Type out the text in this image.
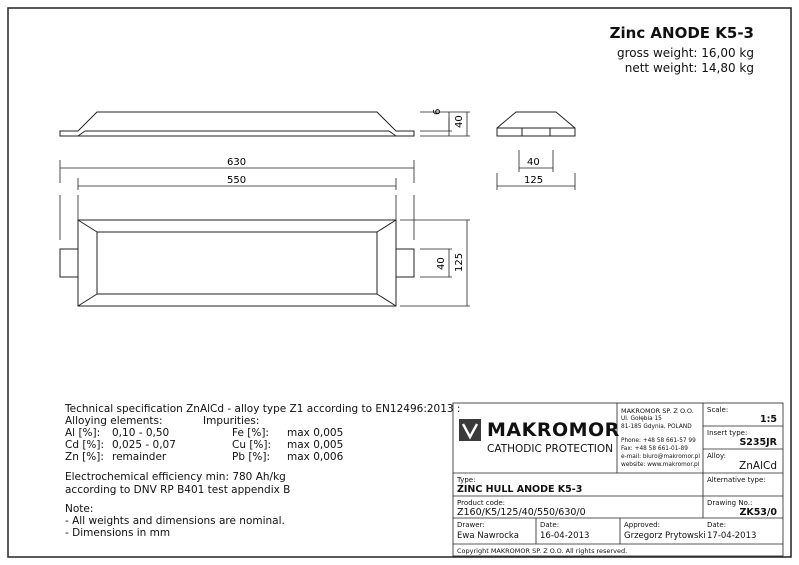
Zinc ANODE K5-3
gross weight: 16,00 kg
nett weight: 14,80 kg
6
40
40
125
630
550
40 125
Technical specification ZnAlCd - alloy type Z1 according to EN12496:2013 :
Alloying elements:	Impurities:
Al [%]: 0,10 - 0,50	Fe [%]: max 0,005
Cd [%]: 0,025 - 0,07	Cu [%]: max 0,005
Zn [%]: remainder	Pb [%]: max 0,006
Electrochemical efficiency min: 780 Ah/kg
according to DNV RP B401 test appendix B
Note:
- All weights and dimensions are nominal.
- Dimensions in mm
MAKROMOR
CATHODIC PROTECTION
MAKROMOR SP. Z O.O.
Ul. Gołębia 15
81-185 Gdynia, POLAND
Phone: +48 58 661-57 99
Fax: +48 58 661-01-89
e-mail: biuro@makromor.pl
website: www.makromor.pl
Scale:
1:5
Insert type:
S235JR
Alloy:
ZnAlCd
Type:
ZINC HULL ANODE K5-3
Alternative type:
Product code:
Z160/K5/125/40/550/630/0
Drawing No.:
ZK53/0
Drawer:
Ewa Nawrocka
Date:
16-04-2013
Approved:
Grzegorz Prytowski
Date:
17-04-2013
Copyright MAKROMOR SP. Z O.O. All rights reserved.
